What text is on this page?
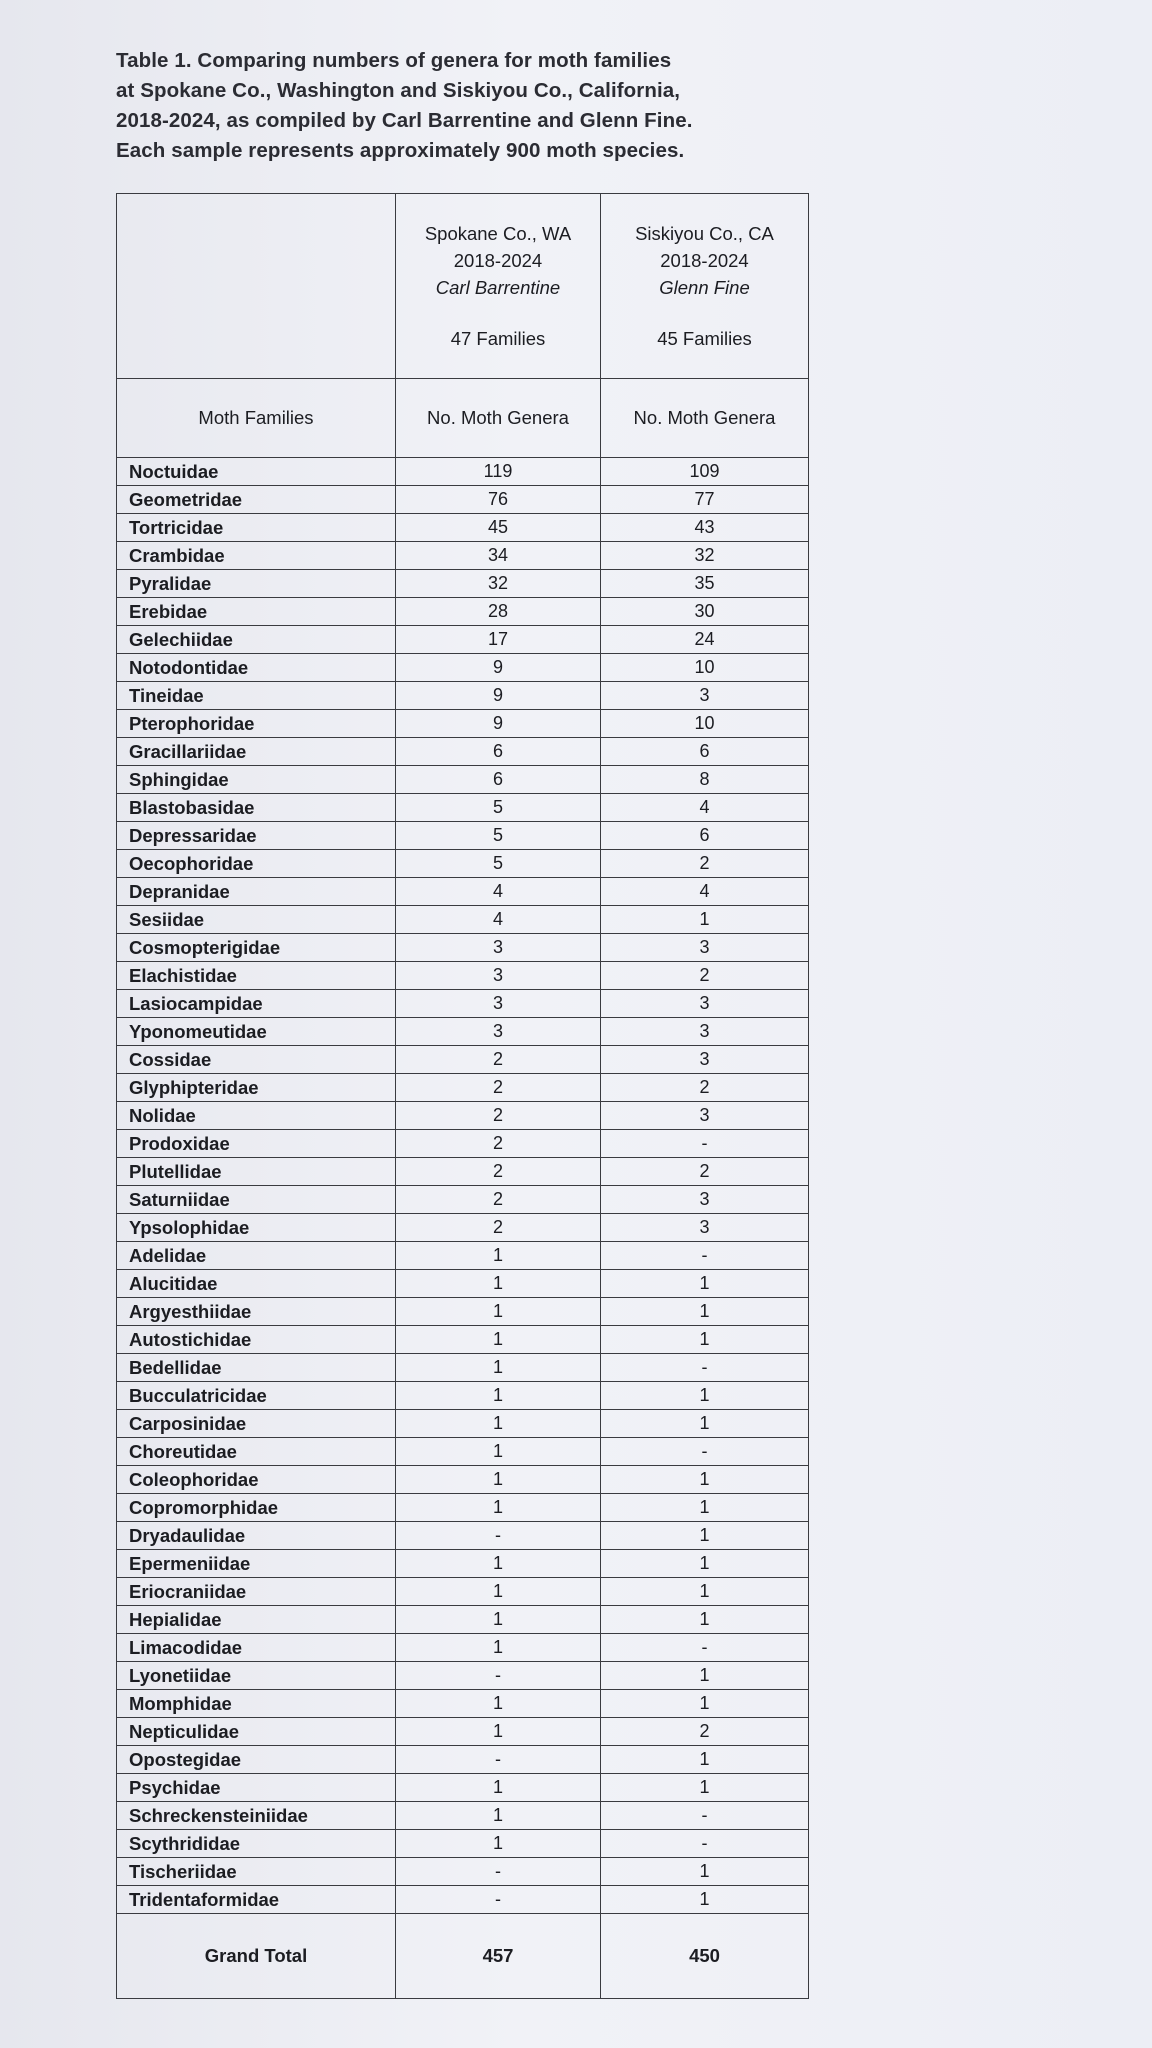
Table 1. Comparing numbers of genera for moth families
at Spokane Co., Washington and Siskiyou Co., California,
2018-2024, as compiled by Carl Barrentine and Glenn Fine.
Each sample represents approximately 900 moth species.

	Spokane Co., WA
2018-2024
Carl Barrentine
47 Families	Siskiyou Co., CA
2018-2024
Glenn Fine
45 Families

Moth Families	No. Moth Genera	No. Moth Genera
Noctuidae	119	109
Geometridae	76	77
Tortricidae	45	43
Crambidae	34	32
Pyralidae	32	35
Erebidae	28	30
Gelechiidae	17	24
Notodontidae	9	10
Tineidae	9	3
Pterophoridae	9	10
Gracillariidae	6	6
Sphingidae	6	8
Blastobasidae	5	4
Depressaridae	5	6
Oecophoridae	5	2
Depranidae	4	4
Sesiidae	4	1
Cosmopterigidae	3	3
Elachistidae	3	2
Lasiocampidae	3	3
Yponomeutidae	3	3
Cossidae	2	3
Glyphipteridae	2	2
Nolidae	2	3
Prodoxidae	2	-
Plutellidae	2	2
Saturniidae	2	3
Ypsolophidae	2	3
Adelidae	1	-
Alucitidae	1	1
Argyesthiidae	1	1
Autostichidae	1	1
Bedellidae	1	-
Bucculatricidae	1	1
Carposinidae	1	1
Choreutidae	1	-
Coleophoridae	1	1
Copromorphidae	1	1
Dryadaulidae	-	1
Epermeniidae	1	1
Eriocraniidae	1	1
Hepialidae	1	1
Limacodidae	1	-
Lyonetiidae	-	1
Momphidae	1	1
Nepticulidae	1	2
Opostegidae	-	1
Psychidae	1	1
Schreckensteiniidae	1	-
Scythrididae	1	-
Tischeriidae	-	1
Tridentaformidae	-	1
Grand Total	457	450
